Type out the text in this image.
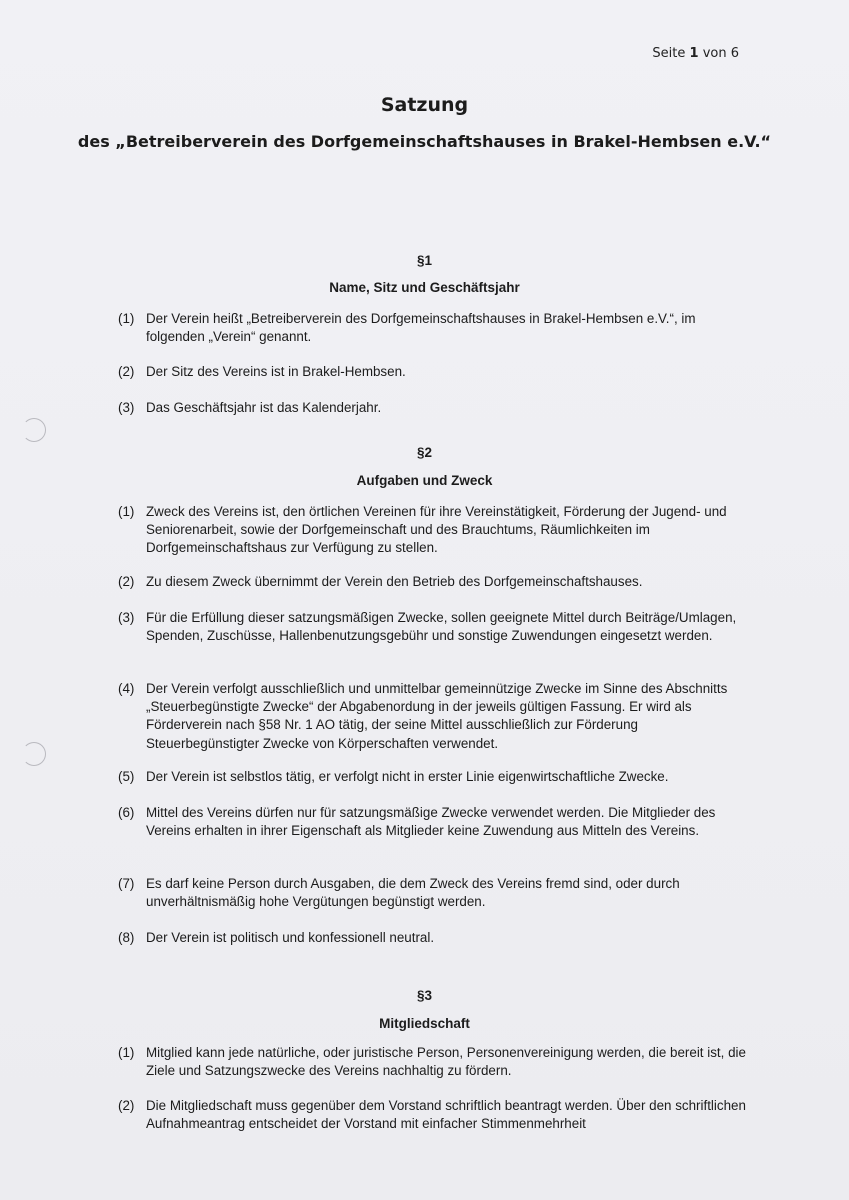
Seite 1 von 6
Satzung
des „Betreiberverein des Dorfgemeinschaftshauses in Brakel-Hembsen e.V.“
§1
Name, Sitz und Geschäftsjahr
(1) Der Verein heißt „Betreiberverein des Dorfgemeinschaftshauses in Brakel-Hembsen e.V.“, im folgenden „Verein“ genannt.
(2) Der Sitz des Vereins ist in Brakel-Hembsen.
(3) Das Geschäftsjahr ist das Kalenderjahr.
§2
Aufgaben und Zweck
(1) Zweck des Vereins ist, den örtlichen Vereinen für ihre Vereinstätigkeit, Förderung der Jugend- und Seniorenarbeit, sowie der Dorfgemeinschaft und des Brauchtums, Räumlichkeiten im Dorfgemeinschaftshaus zur Verfügung zu stellen.
(2) Zu diesem Zweck übernimmt der Verein den Betrieb des Dorfgemeinschaftshauses.
(3) Für die Erfüllung dieser satzungsmäßigen Zwecke, sollen geeignete Mittel durch Beiträge/Umlagen, Spenden, Zuschüsse, Hallenbenutzungsgebühr und sonstige Zuwendungen eingesetzt werden.
(4) Der Verein verfolgt ausschließlich und unmittelbar gemeinnützige Zwecke im Sinne des Abschnitts „Steuerbegünstigte Zwecke“ der Abgabenordung in der jeweils gültigen Fassung. Er wird als Förderverein nach §58 Nr. 1 AO tätig, der seine Mittel ausschließlich zur Förderung Steuerbegünstigter Zwecke von Körperschaften verwendet.
(5) Der Verein ist selbstlos tätig, er verfolgt nicht in erster Linie eigenwirtschaftliche Zwecke.
(6) Mittel des Vereins dürfen nur für satzungsmäßige Zwecke verwendet werden. Die Mitglieder des Vereins erhalten in ihrer Eigenschaft als Mitglieder keine Zuwendung aus Mitteln des Vereins.
(7) Es darf keine Person durch Ausgaben, die dem Zweck des Vereins fremd sind, oder durch unverhältnismäßig hohe Vergütungen begünstigt werden.
(8) Der Verein ist politisch und konfessionell neutral.
§3
Mitgliedschaft
(1) Mitglied kann jede natürliche, oder juristische Person, Personenvereinigung werden, die bereit ist, die Ziele und Satzungszwecke des Vereins nachhaltig zu fördern.
(2) Die Mitgliedschaft muss gegenüber dem Vorstand schriftlich beantragt werden. Über den schriftlichen Aufnahmeantrag entscheidet der Vorstand mit einfacher Stimmenmehrheit
